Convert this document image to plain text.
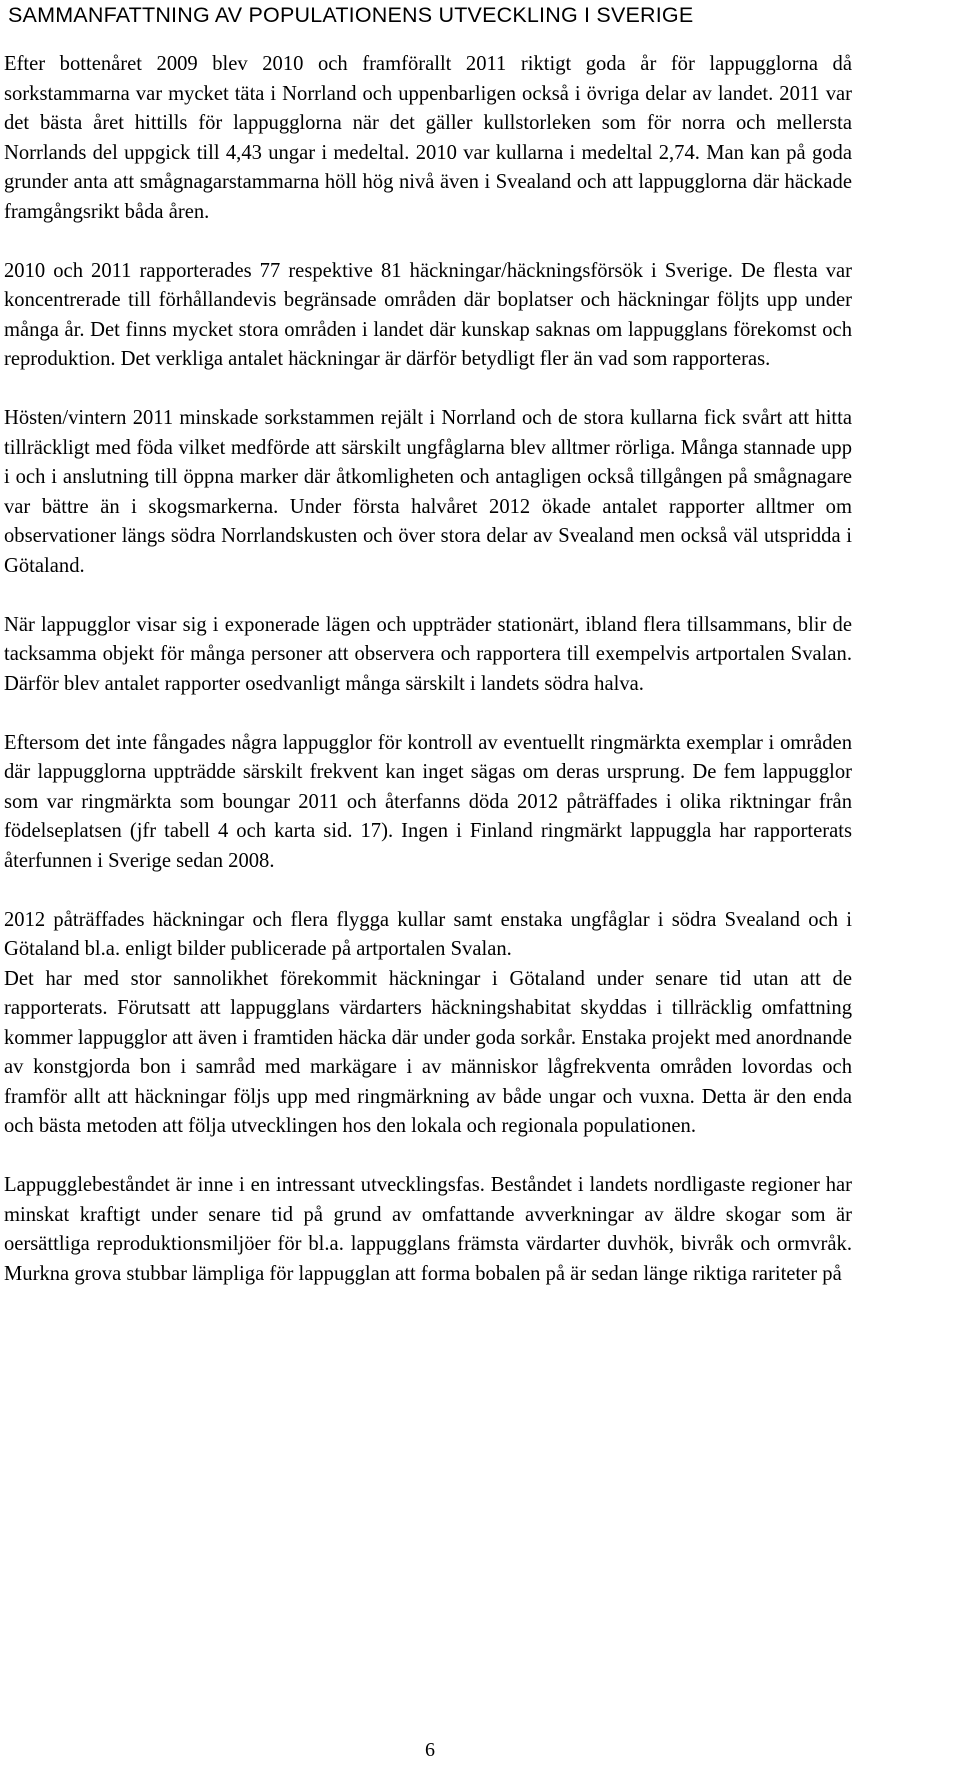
SAMMANFATTNING AV POPULATIONENS UTVECKLING I SVERIGE

Efter bottenåret 2009 blev 2010 och framförallt 2011 riktigt goda år för lappugglorna då sorkstammarna var mycket täta i Norrland och uppenbarligen också i övriga delar av landet. 2011 var det bästa året hittills för lappugglorna när det gäller kullstorleken som för norra och mellersta Norrlands del uppgick till 4,43 ungar i medeltal. 2010 var kullarna i medeltal 2,74. Man kan på goda grunder anta att smågnagarstammarna höll hög nivå även i Svealand och att lappugglorna där häckade framgångsrikt båda åren.

2010 och 2011 rapporterades 77 respektive 81 häckningar/häckningsförsök i Sverige. De flesta var koncentrerade till förhållandevis begränsade områden där boplatser och häckningar följts upp under många år. Det finns mycket stora områden i landet där kunskap saknas om lappugglans förekomst och reproduktion. Det verkliga antalet häckningar är därför betydligt fler än vad som rapporteras.

Hösten/vintern 2011 minskade sorkstammen rejält i Norrland och de stora kullarna fick svårt att hitta tillräckligt med föda vilket medförde att särskilt ungfåglarna blev alltmer rörliga. Många stannade upp i och i anslutning till öppna marker där åtkomligheten och antagligen också tillgången på smågnagare var bättre än i skogsmarkerna. Under första halvåret 2012 ökade antalet rapporter alltmer om observationer längs södra Norrlandskusten och över stora delar av Svealand men också väl utspridda i Götaland.

När lappugglor visar sig i exponerade lägen och uppträder stationärt, ibland flera tillsammans, blir de tacksamma objekt för många personer att observera och rapportera till exempelvis artportalen Svalan. Därför blev antalet rapporter osedvanligt många särskilt i landets södra halva.

Eftersom det inte fångades några lappugglor för kontroll av eventuellt ringmärkta exemplar i områden där lappugglorna uppträdde särskilt frekvent kan inget sägas om deras ursprung. De fem lappugglor som var ringmärkta som boungar 2011 och återfanns döda 2012 påträffades i olika riktningar från födelseplatsen (jfr tabell 4 och karta sid. 17). Ingen i Finland ringmärkt lappuggla har rapporterats återfunnen i Sverige sedan 2008.

2012 påträffades häckningar och flera flygga kullar samt enstaka ungfåglar i södra Svealand och i Götaland bl.a. enligt bilder publicerade på artportalen Svalan.

Det har med stor sannolikhet förekommit häckningar i Götaland under senare tid utan att de rapporterats. Förutsatt att lappugglans värdarters häckningshabitat skyddas i tillräcklig omfattning kommer lappugglor att även i framtiden häcka där under goda sorkår. Enstaka projekt med anordnande av konstgjorda bon i samråd med markägare i av människor lågfrekventa områden lovordas och framför allt att häckningar följs upp med ringmärkning av både ungar och vuxna. Detta är den enda och bästa metoden att följa utvecklingen hos den lokala och regionala populationen.

Lappugglebeståndet är inne i en intressant utvecklingsfas. Beståndet i landets nordligaste regioner har minskat kraftigt under senare tid på grund av omfattande avverkningar av äldre skogar som är oersättliga reproduktionsmiljöer för bl.a. lappugglans främsta värdarter duvhök, bivråk och ormvråk. Murkna grova stubbar lämpliga för lappugglan att forma bobalen på är sedan länge riktiga rariteter på

6
